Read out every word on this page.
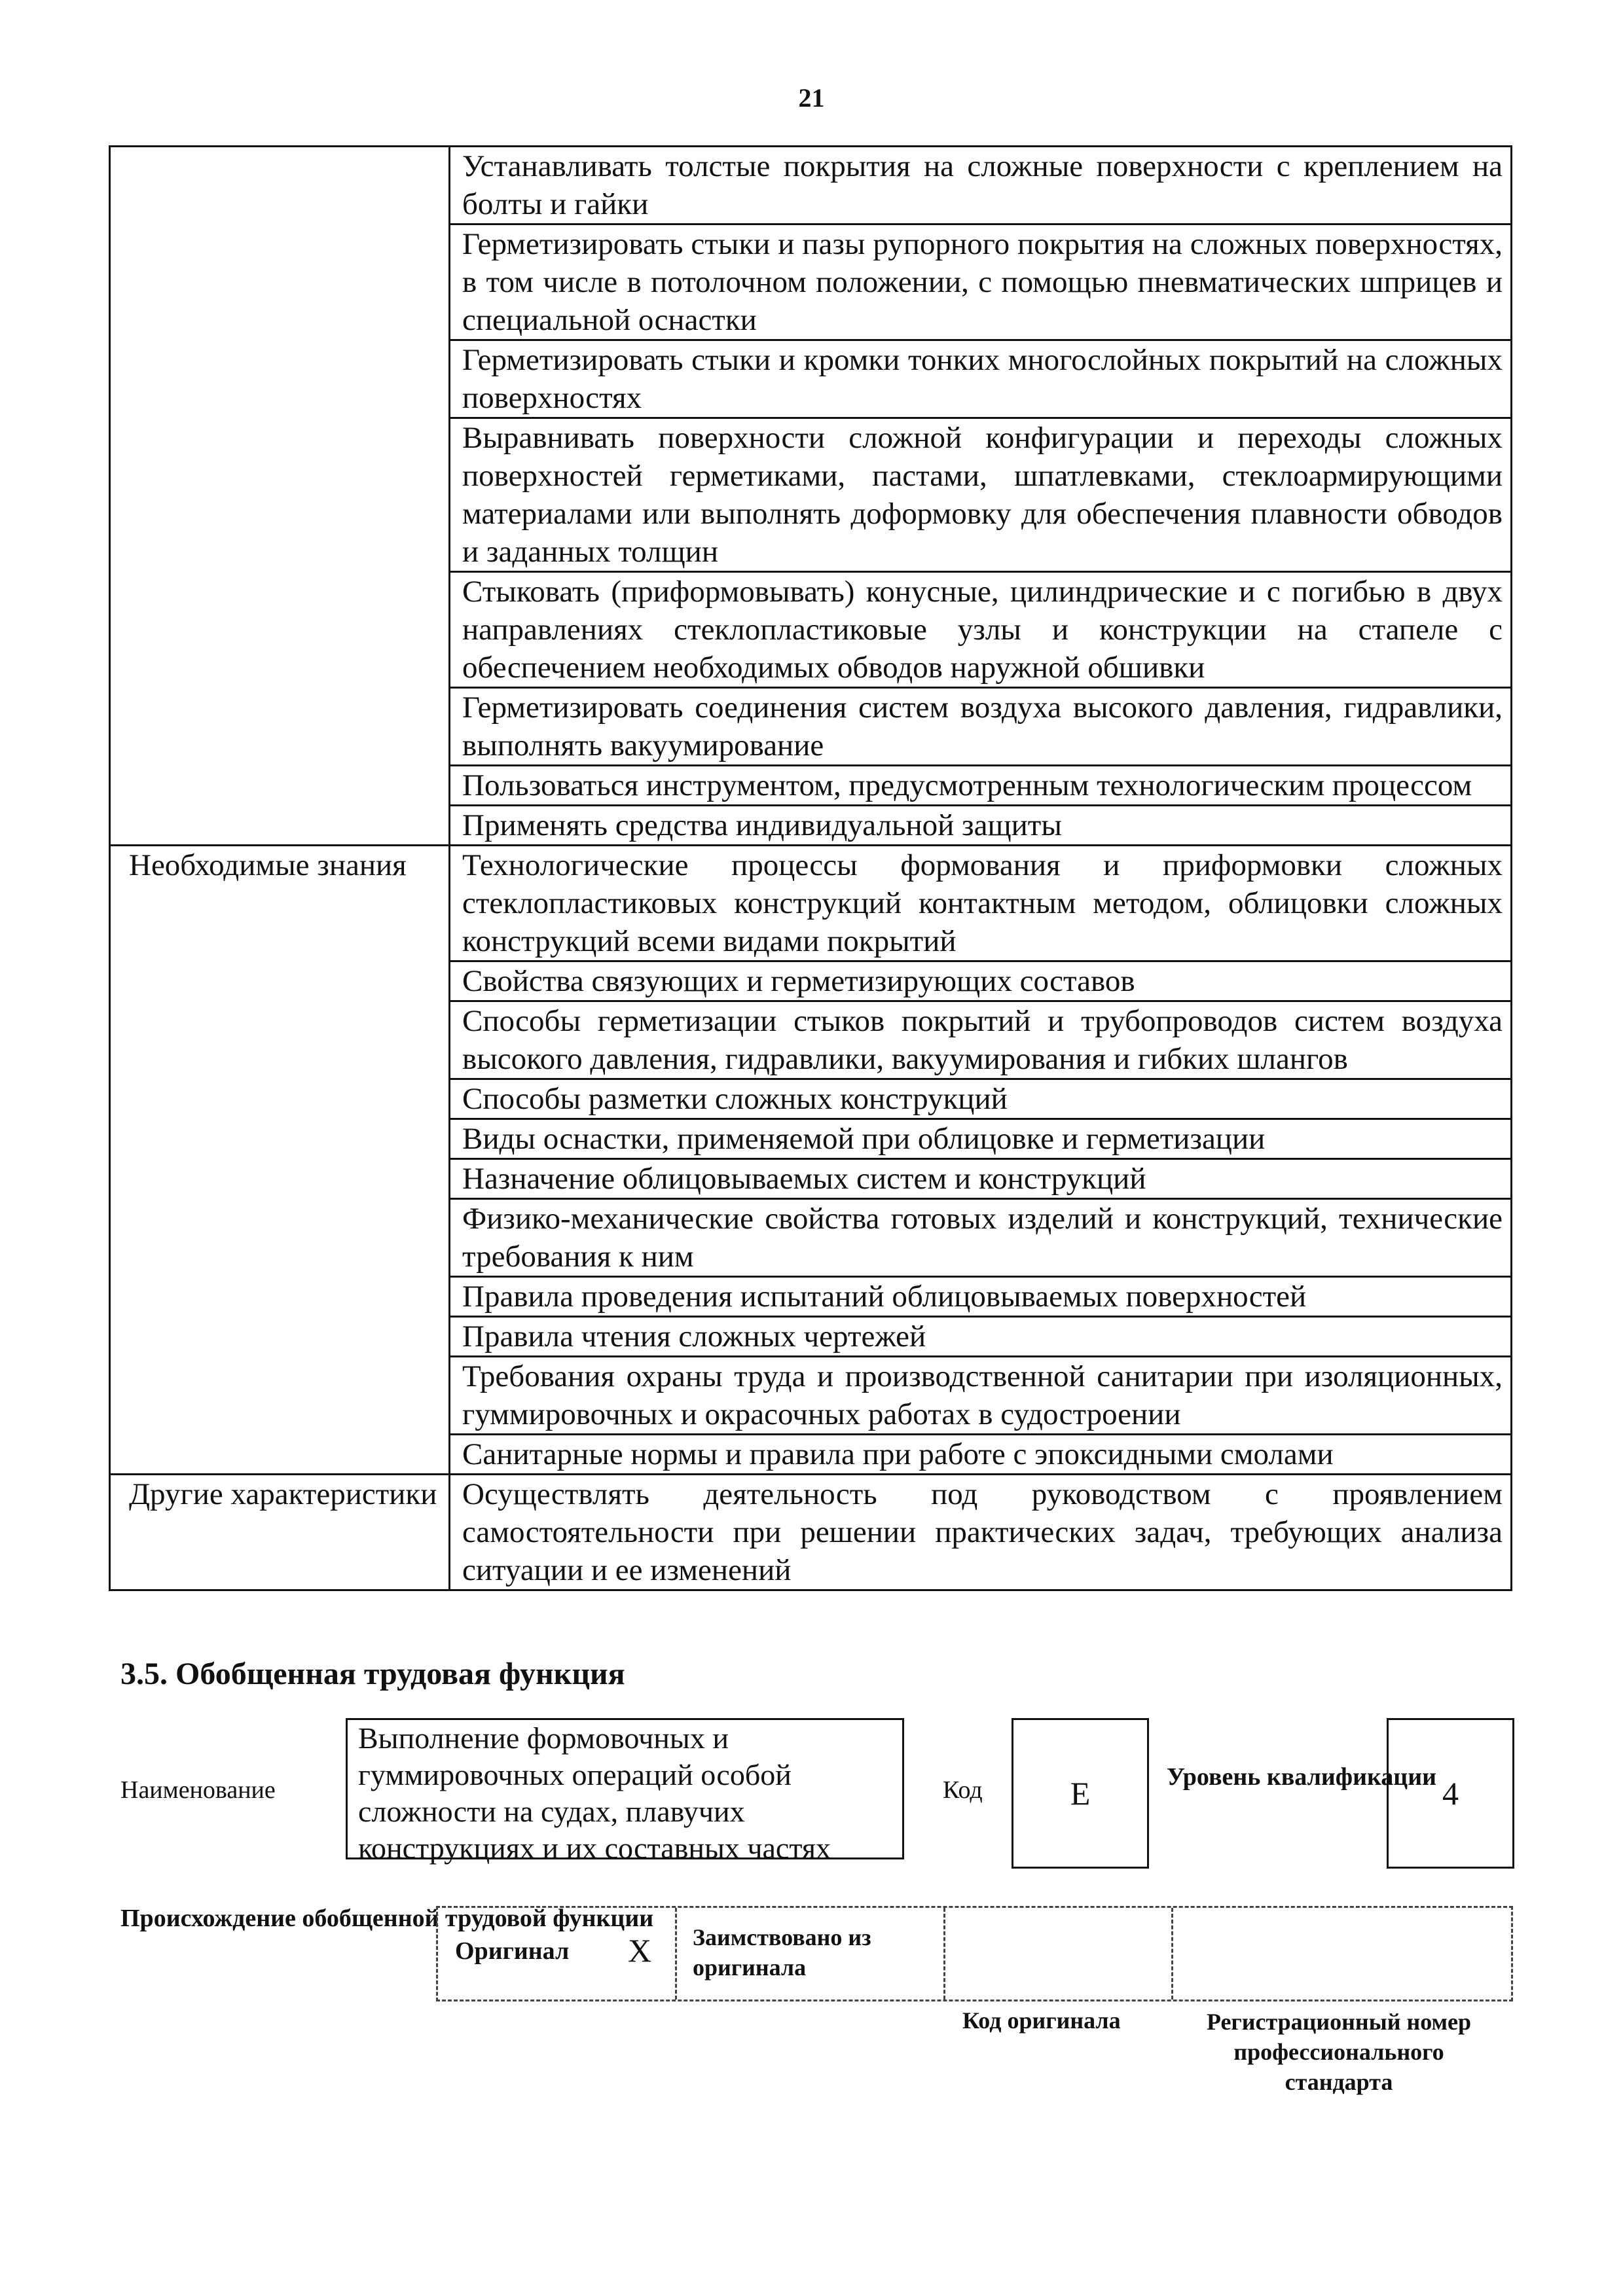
21
	Устанавливать толстые покрытия на сложные поверхности с креплением на болты и гайки
	Герметизировать стыки и пазы рупорного покрытия на сложных поверхностях, в том числе в потолочном положении, с помощью пневматических шприцев и специальной оснастки
	Герметизировать стыки и кромки тонких многослойных покрытий на сложных поверхностях
	Выравнивать поверхности сложной конфигурации и переходы сложных поверхностей герметиками, пастами, шпатлевками, стеклоармирующими материалами или выполнять доформовку для обеспечения плавности обводов и заданных толщин
	Стыковать (приформовывать) конусные, цилиндрические и с погибью в двух направлениях стеклопластиковые узлы и конструкции на стапеле с обеспечением необходимых обводов наружной обшивки
	Герметизировать соединения систем воздуха высокого давления, гидравлики, выполнять вакуумирование
	Пользоваться инструментом, предусмотренным технологическим процессом
	Применять средства индивидуальной защиты
Необходимые знания	Технологические процессы формования и приформовки сложных стеклопластиковых конструкций контактным методом, облицовки сложных конструкций всеми видами покрытий
	Свойства связующих и герметизирующих составов
	Способы герметизации стыков покрытий и трубопроводов систем воздуха высокого давления, гидравлики, вакуумирования и гибких шлангов
	Способы разметки сложных конструкций
	Виды оснастки, применяемой при облицовке и герметизации
	Назначение облицовываемых систем и конструкций
	Физико-механические свойства готовых изделий и конструкций, технические требования к ним
	Правила проведения испытаний облицовываемых поверхностей
	Правила чтения сложных чертежей
	Требования охраны труда и производственной санитарии при изоляционных, гуммировочных и окрасочных работах в судостроении
	Санитарные нормы и правила при работе с эпоксидными смолами
Другие характеристики	Осуществлять деятельность под руководством с проявлением самостоятельности при решении практических задач, требующих анализа ситуации и ее изменений
3.5. Обобщенная трудовая функция
Наименование
Выполнение формовочных и гуммировочных операций особой сложности на судах, плавучих конструкциях и их составных частях
Код	E	Уровень квалификации 4
Происхождение обобщенной трудовой функции
Оригинал X Заимствовано из оригинала
Код оригинала	Регистрационный номер профессионального стандарта
